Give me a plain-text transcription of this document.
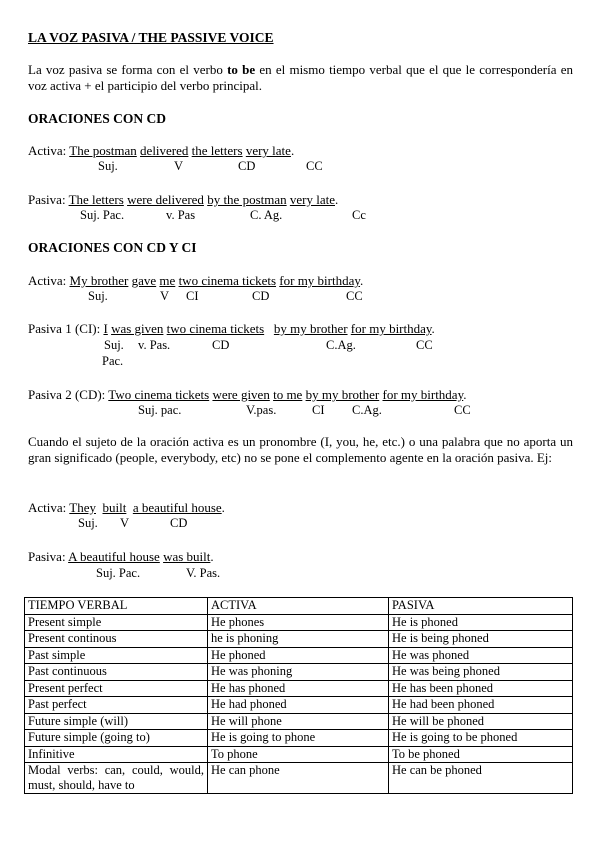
LA VOZ PASIVA / THE PASSIVE VOICE
La voz pasiva se forma con el verbo to be en el mismo tiempo verbal que el que le correspondería en voz activa + el participio del verbo principal.
ORACIONES CON CD
Activa: The postman delivered the letters very late.
Suj.	V	CD	CC
Pasiva: The letters were delivered by the postman very late.
Suj. Pac.	v. Pas	C. Ag.	Cc
ORACIONES CON CD Y CI
Activa: My brother gave me two cinema tickets for my birthday.
Suj.	V CI	CD	CC
Pasiva 1 (CI): I was given two cinema tickets by my brother for my birthday.
Suj.
Pac.
v. Pas.	CD	C.Ag.	CC
Pasiva 2 (CD): Two cinema tickets were given to me by my brother for my birthday.
Suj. pac.	V.pas.	CI C.Ag.	CC
Cuando el sujeto de la oración activa es un pronombre (I, you, he, etc.) o una palabra que no aporta un gran significado (people, everybody, etc) no se pone el complemento agente en la oración pasiva. Ej:
Activa: They built a beautiful house.
Suj. V	CD
Pasiva: A beautiful house was built.
Suj. Pac.	V. Pas.
TIEMPO VERBAL	ACTIVA	PASIVA
Present simple	He phones	He is phoned
Present continous	he is phoning	He is being phoned
Past simple	He phoned	He was phoned
Past continuous	He was phoning	He was being phoned
Present perfect	He has phoned	He has been phoned
Past perfect	He had phoned	He had been phoned
Future simple (will)	He will phone	He will be phoned
Future simple (going to)	He is going to phone	He is going to be phoned
Infinitive	To phone	To be phoned
Modal verbs: can, could, would, must, should, have to	He can phone	He can be phoned
